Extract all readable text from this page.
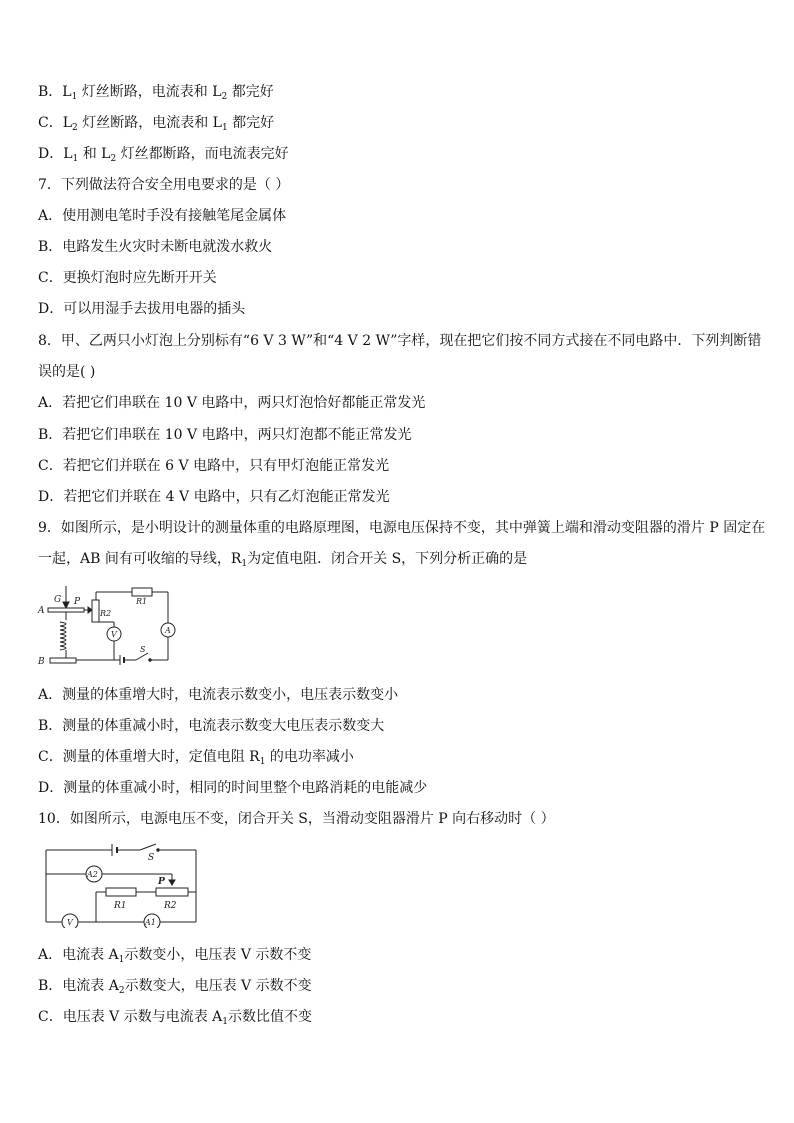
B．$L_1$ 灯丝断路，电流表和 $L_2$ 都完好
C．$L_2$ 灯丝断路，电流表和 $L_1$ 都完好
D．$L_1$ 和 $L_2$ 灯丝都断路，而电流表完好
7．下列做法符合安全用电要求的是（ ）
A．使用测电笔时手没有接触笔尾金属体
B．电路发生火灾时未断电就泼水救火
C．更换灯泡时应先断开开关
D．可以用湿手去拔用电器的插头
8．甲、乙两只小灯泡上分别标有“6 V 3 W”和“4 V 2 W”字样，现在把它们按不同方式接在不同电路中．下列判断错
误的是( )
A．若把它们串联在 10 V 电路中，两只灯泡恰好都能正常发光
B．若把它们串联在 10 V 电路中，两只灯泡都不能正常发光
C．若把它们并联在 6 V 电路中，只有甲灯泡能正常发光
D．若把它们并联在 4 V 电路中，只有乙灯泡能正常发光
9．如图所示，是小明设计的测量体重的电路原理图，电源电压保持不变，其中弹簧上端和滑动变阻器的滑片 P 固定在
一起，AB 间有可收缩的导线，$R_1$为定值电阻．闭合开关 S，下列分析正确的是
A
B
G P
R2
R1
V	A
S
A．测量的体重增大时，电流表示数变小，电压表示数变小
B．测量的体重减小时，电流表示数变大电压表示数变大
C．测量的体重增大时，定值电阻 $R_1$ 的电功率减小
D．测量的体重减小时，相同的时间里整个电路消耗的电能减少
10．如图所示，电源电压不变，闭合开关 S，当滑动变阻器滑片 P 向右移动时（ ）
S
A2
P
R1	R2
V	A1
A．电流表 $A_1$示数变小，电压表 V 示数不变
B．电流表 $A_2$示数变大，电压表 V 示数不变
C．电压表 V 示数与电流表 $A_1$示数比值不变
